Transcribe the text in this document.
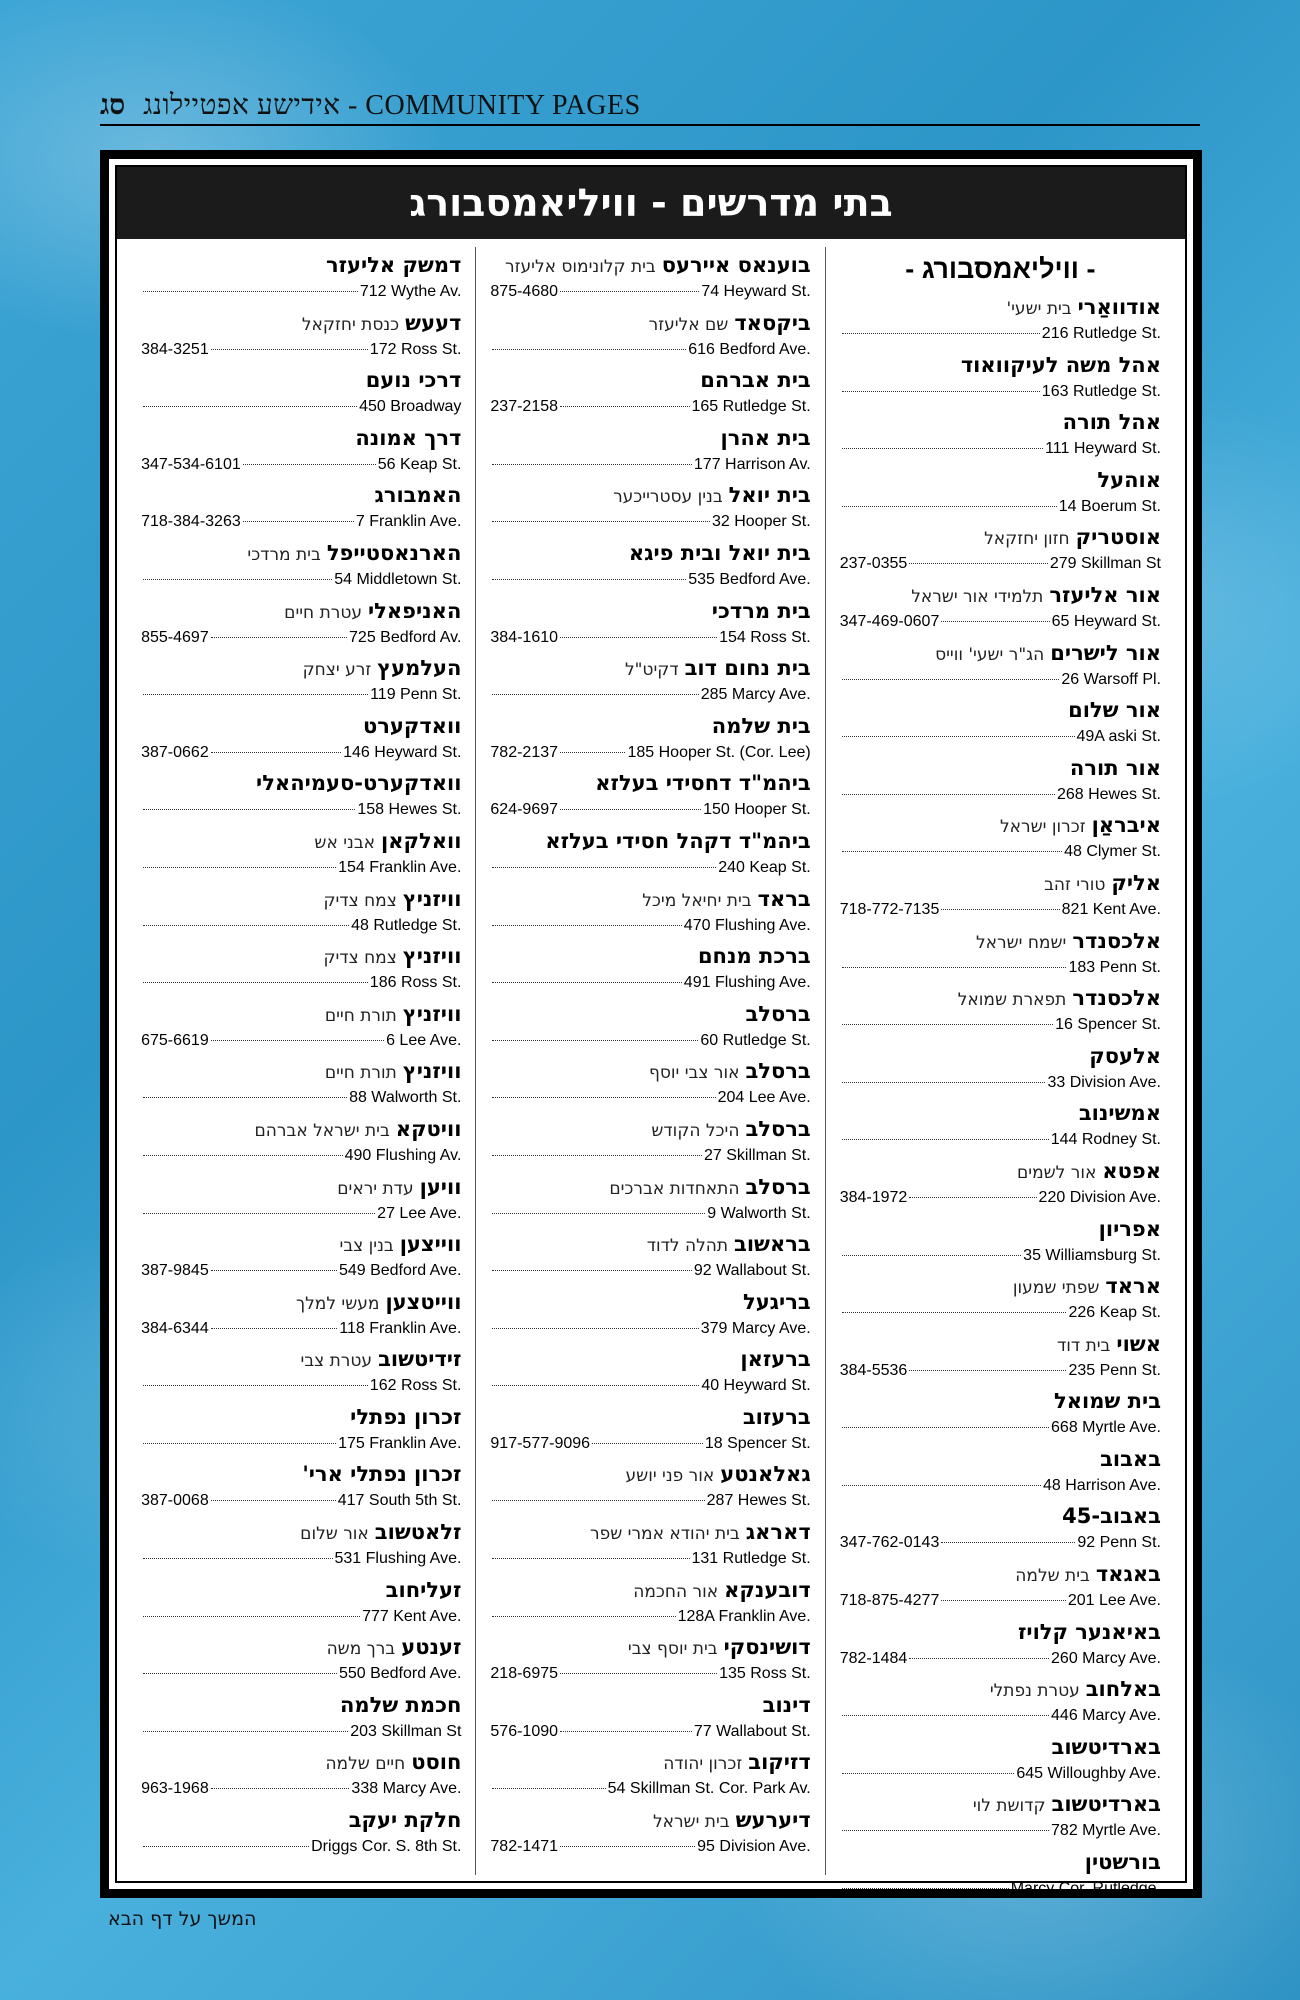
סג אידישע אפטיילונג - COMMUNITY PAGES
בתי מדרשים - וויליאמסבורג
- וויליאמסבורג -
אודוואַריבית ישעי'
216 Rutledge St.
אהל משה לעיקוואוד
163 Rutledge St.
אהל תורה
111 Heyward St.
אוהעל
14 Boerum St.
אוסטריקחזון יחזקאל
237-0355	279 Skillman St
אור אליעזרתלמידי אור ישראל
347-469-0607	65 Heyward St.
אור לישריםהג"ר ישעי' ווייס
26 Warsoff Pl.
אור שלום
49A aski St.
אור תורה
268 Hewes St.
איבראַןזכרון ישראל
48 Clymer St.
אליקטורי זהב
718-772-7135	821 Kent Ave.
אלכסנדרישמח ישראל
183 Penn St.
אלכסנדרתפארת שמואל
16 Spencer St.
אלעסק
33 Division Ave.
אמשינוב
144 Rodney St.
אפטאאור לשמים
384-1972	220 Division Ave.
אפריון
35 Williamsburg St.
אראדשפתי שמעון
226 Keap St.
אשויבית דוד
384-5536	235 Penn St.
בית שמואל
668 Myrtle Ave.
באבוב
48 Harrison Ave.
באבוב-45
347-762-0143	92 Penn St.
באגאדבית שלמה
718-875-4277	201 Lee Ave.
באיאנער קלויז
782-1484	260 Marcy Ave.
באלחובעטרת נפתלי
446 Marcy Ave.
בארדיטשוב
645 Willoughby Ave.
בארדיטשובקדושת לוי
782 Myrtle Ave.
בורשטין
Marcy Cor. Rutledge.
בוענאס איירעסבית קלונימוס אליעזר
875-4680	74 Heyward St.
ביקסאדשם אליעזר
616 Bedford Ave.
בית אברהם
237-2158	165 Rutledge St.
בית אהרן
177 Harrison Av.
בית יואלבנין עסטרייכער
32 Hooper St.
בית יואל ובית פיגא
535 Bedford Ave.
בית מרדכי
384-1610	154 Ross St.
בית נחום דובדקיט"ל
285 Marcy Ave.
בית שלמה
782-2137	185 Hooper St. (Cor. Lee)
ביהמ"ד דחסידי בעלזא
624-9697	150 Hooper St.
ביהמ"ד דקהל חסידי בעלזא
240 Keap St.
בראדבית יחיאל מיכל
470 Flushing Ave.
ברכת מנחם
491 Flushing Ave.
ברסלב
60 Rutledge St.
ברסלבאור צבי יוסף
204 Lee Ave.
ברסלבהיכל הקודש
27 Skillman St.
ברסלבהתאחדות אברכים
9 Walworth St.
בראשובתהלה לדוד
92 Wallabout St.
בריגעל
379 Marcy Ave.
ברעזאן
40 Heyward St.
ברעזוב
917-577-9096	18 Spencer St.
גאלאנטעאור פני יושע
287 Hewes St.
דאראגבית יהודא אמרי שפר
131 Rutledge St.
דובענקאאור החכמה
128A Franklin Ave.
דושינסקיבית יוסף צבי
218-6975	135 Ross St.
דינוב
576-1090	77 Wallabout St.
דזיקובזכרון יהודה
54 Skillman St. Cor. Park Av.
דיערעשבית ישראל
782-1471	95 Division Ave.
דמשק אליעזר
712 Wythe Av.
דעעשכנסת יחזקאל
384-3251	172 Ross St.
דרכי נועם
450 Broadway
דרך אמונה
347-534-6101	56 Keap St.
האמבורג
718-384-3263	7 Franklin Ave.
הארנאסטייפלבית מרדכי
54 Middletown St.
האניפאליעטרת חיים
855-4697	725 Bedford Av.
העלמעץזרע יצחק
119 Penn St.
וואדקערט
387-0662	146 Heyward St.
וואדקערט-סעמיהאלי
158 Hewes St.
וואלקאןאבני אש
154 Franklin Ave.
וויזניץצמח צדיק
48 Rutledge St.
וויזניץצמח צדיק
186 Ross St.
וויזניץתורת חיים
675-6619	6 Lee Ave.
וויזניץתורת חיים
88 Walworth St.
וויטקאבית ישראל אברהם
490 Flushing Av.
וויעןעדת יראים
27 Lee Ave.
ווייצעןבנין צבי
387-9845	549 Bedford Ave.
ווייטצעןמעשי למלך
384-6344	118 Franklin Ave.
זידיטשובעטרת צבי
162 Ross St.
זכרון נפתלי
175 Franklin Ave.
זכרון נפתלי ארי'
387-0068	417 South 5th St.
זלאטשובאור שלום
531 Flushing Ave.
זעליחוב
777 Kent Ave.
זענטעברך משה
550 Bedford Ave.
חכמת שלמה
203 Skillman St
חוסטחיים שלמה
963-1968	338 Marcy Ave.
חלקת יעקב
Driggs Cor. S. 8th St.
המשך על דף הבא
